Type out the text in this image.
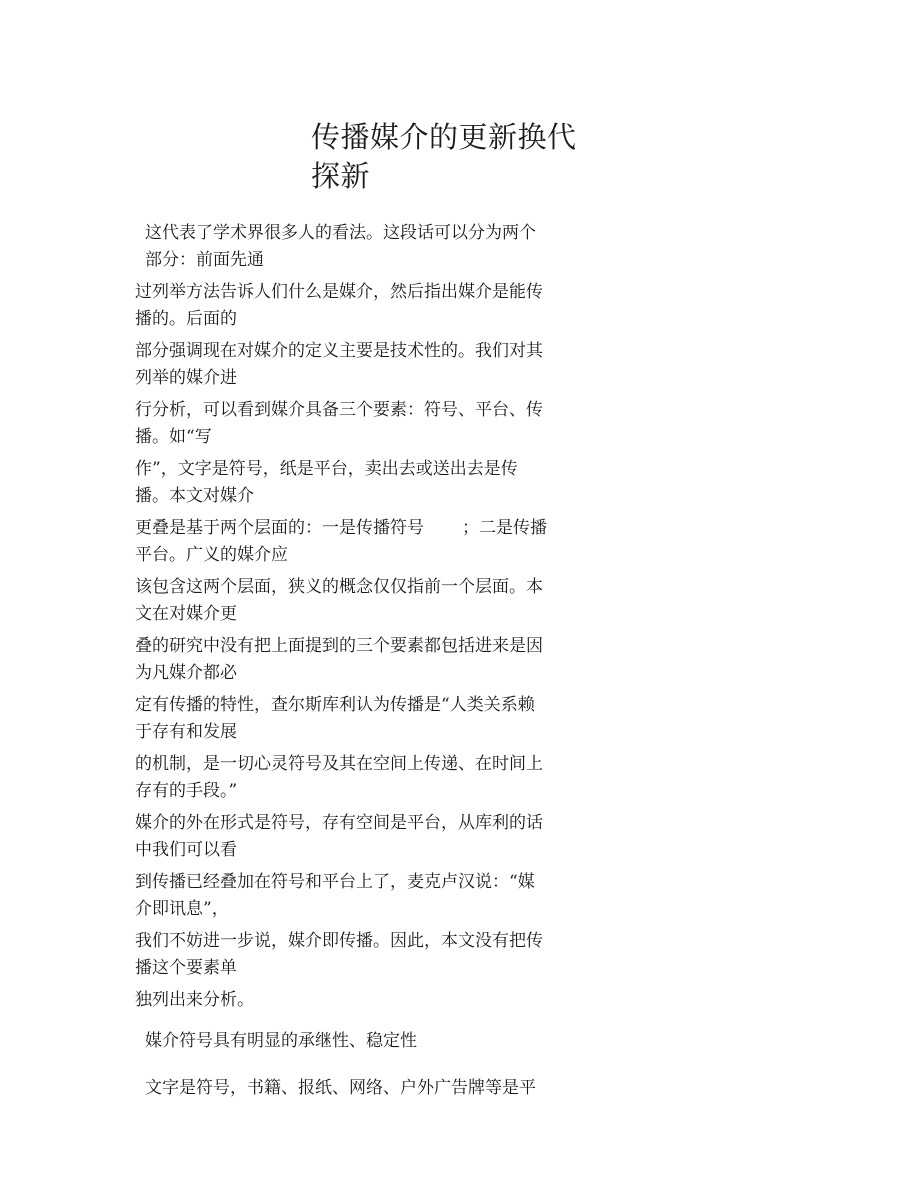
传播媒介的更新换代
探新
这代表了学术界很多人的看法。这段话可以分为两个
部分：前面先通
过列举方法告诉人们什么是媒介，然后指出媒介是能传
播的。后面的
部分强调现在对媒介的定义主要是技术性的。我们对其
列举的媒介进
行分析，可以看到媒介具备三个要素：符号、平台、传
播。如“写
作”，文字是符号，纸是平台，卖出去或送出去是传
播。本文对媒介
更叠是基于两个层面的：一是传播符号 ；二是传播
平台。广义的媒介应
该包含这两个层面，狭义的概念仅仅指前一个层面。本
文在对媒介更
叠的研究中没有把上面提到的三个要素都包括进来是因
为凡媒介都必
定有传播的特性，查尔斯库利认为传播是“人类关系赖
于存有和发展
的机制，是一切心灵符号及其在空间上传递、在时间上
存有的手段。”
媒介的外在形式是符号，存有空间是平台，从库利的话
中我们可以看
到传播已经叠加在符号和平台上了，麦克卢汉说：“媒
介即讯息”，
我们不妨进一步说，媒介即传播。因此，本文没有把传
播这个要素单
独列出来分析。
媒介符号具有明显的承继性、稳定性
文字是符号，书籍、报纸、网络、户外广告牌等是平
